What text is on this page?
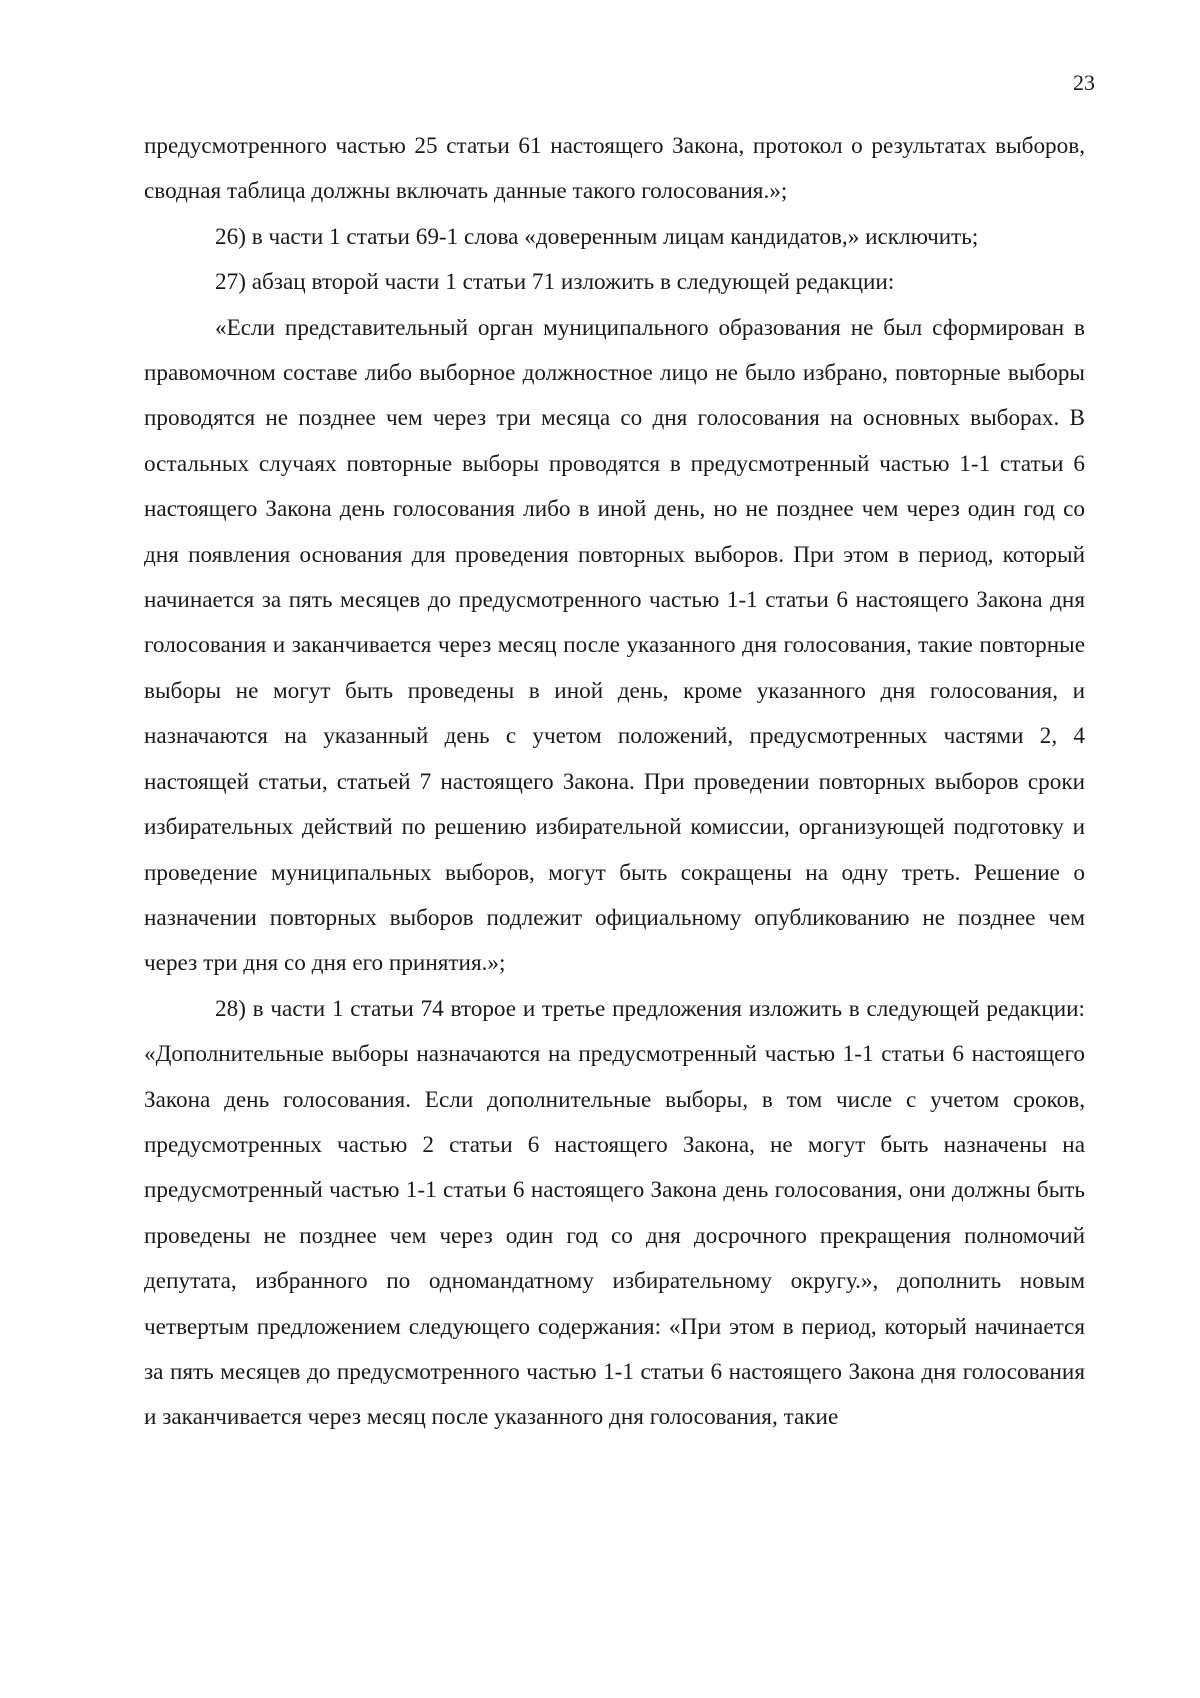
23

предусмотренного частью 25 статьи 61 настоящего Закона, протокол о результатах выборов, сводная таблица должны включать данные такого голосования.»;

26) в части 1 статьи 69-1 слова «доверенным лицам кандидатов,» исключить;

27) абзац второй части 1 статьи 71 изложить в следующей редакции:

«Если представительный орган муниципального образования не был сформирован в правомочном составе либо выборное должностное лицо не было избрано, повторные выборы проводятся не позднее чем через три месяца со дня голосования на основных выборах. В остальных случаях повторные выборы проводятся в предусмотренный частью 1-1 статьи 6 настоящего Закона день голосования либо в иной день, но не позднее чем через один год со дня появления основания для проведения повторных выборов. При этом в период, который начинается за пять месяцев до предусмотренного частью 1-1 статьи 6 настоящего Закона дня голосования и заканчивается через месяц после указанного дня голосования, такие повторные выборы не могут быть проведены в иной день, кроме указанного дня голосования, и назначаются на указанный день с учетом положений, предусмотренных частями 2, 4 настоящей статьи, статьей 7 настоящего Закона. При проведении повторных выборов сроки избирательных действий по решению избирательной комиссии, организующей подготовку и проведение муниципальных выборов, могут быть сокращены на одну треть. Решение о назначении повторных выборов подлежит официальному опубликованию не позднее чем через три дня со дня его принятия.»;

28) в части 1 статьи 74 второе и третье предложения изложить в следующей редакции: «Дополнительные выборы назначаются на предусмотренный частью 1-1 статьи 6 настоящего Закона день голосования. Если дополнительные выборы, в том числе с учетом сроков, предусмотренных частью 2 статьи 6 настоящего Закона, не могут быть назначены на предусмотренный частью 1-1 статьи 6 настоящего Закона день голосования, они должны быть проведены не позднее чем через один год со дня досрочного прекращения полномочий депутата, избранного по одномандатному избирательному округу.», дополнить новым четвертым предложением следующего содержания: «При этом в период, который начинается за пять месяцев до предусмотренного частью 1-1 статьи 6 настоящего Закона дня голосования и заканчивается через месяц после указанного дня голосования, такие
